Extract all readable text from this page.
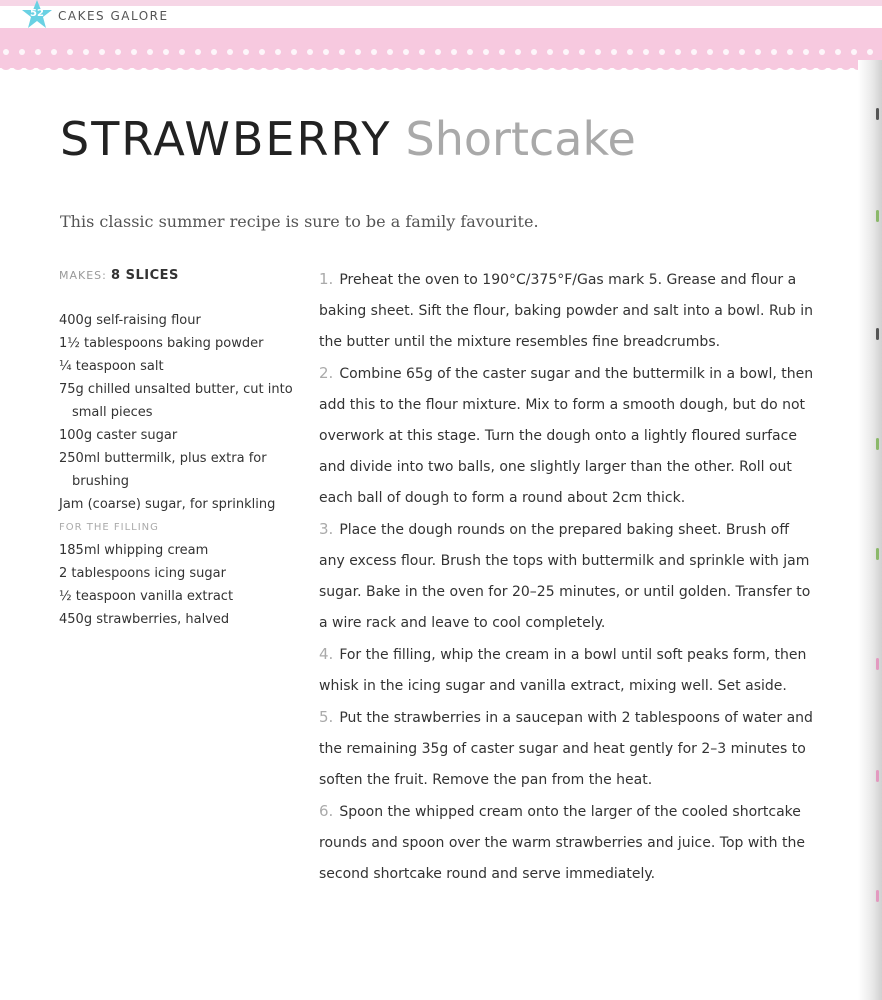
52 CAKES GALORE
STRAWBERRY Shortcake
This classic summer recipe is sure to be a family favourite.
MAKES: 8 SLICES
400g self-raising flour
1½ tablespoons baking powder
¼ teaspoon salt
75g chilled unsalted butter, cut into small pieces
100g caster sugar
250ml buttermilk, plus extra for brushing
Jam (coarse) sugar, for sprinkling
FOR THE FILLING
185ml whipping cream
2 tablespoons icing sugar
½ teaspoon vanilla extract
450g strawberries, halved

1. Preheat the oven to 190°C/375°F/Gas mark 5. Grease and flour a baking sheet. Sift the flour, baking powder and salt into a bowl. Rub in the butter until the mixture resembles fine breadcrumbs.

2. Combine 65g of the caster sugar and the buttermilk in a bowl, then add this to the flour mixture. Mix to form a smooth dough, but do not overwork at this stage. Turn the dough onto a lightly floured surface and divide into two balls, one slightly larger than the other. Roll out each ball of dough to form a round about 2cm thick.

3. Place the dough rounds on the prepared baking sheet. Brush off any excess flour. Brush the tops with buttermilk and sprinkle with jam sugar. Bake in the oven for 20–25 minutes, or until golden. Transfer to a wire rack and leave to cool completely.

4. For the filling, whip the cream in a bowl until soft peaks form, then whisk in the icing sugar and vanilla extract, mixing well. Set aside.

5. Put the strawberries in a saucepan with 2 tablespoons of water and the remaining 35g of caster sugar and heat gently for 2–3 minutes to soften the fruit. Remove the pan from the heat.

6. Spoon the whipped cream onto the larger of the cooled shortcake rounds and spoon over the warm strawberries and juice. Top with the second shortcake round and serve immediately.
